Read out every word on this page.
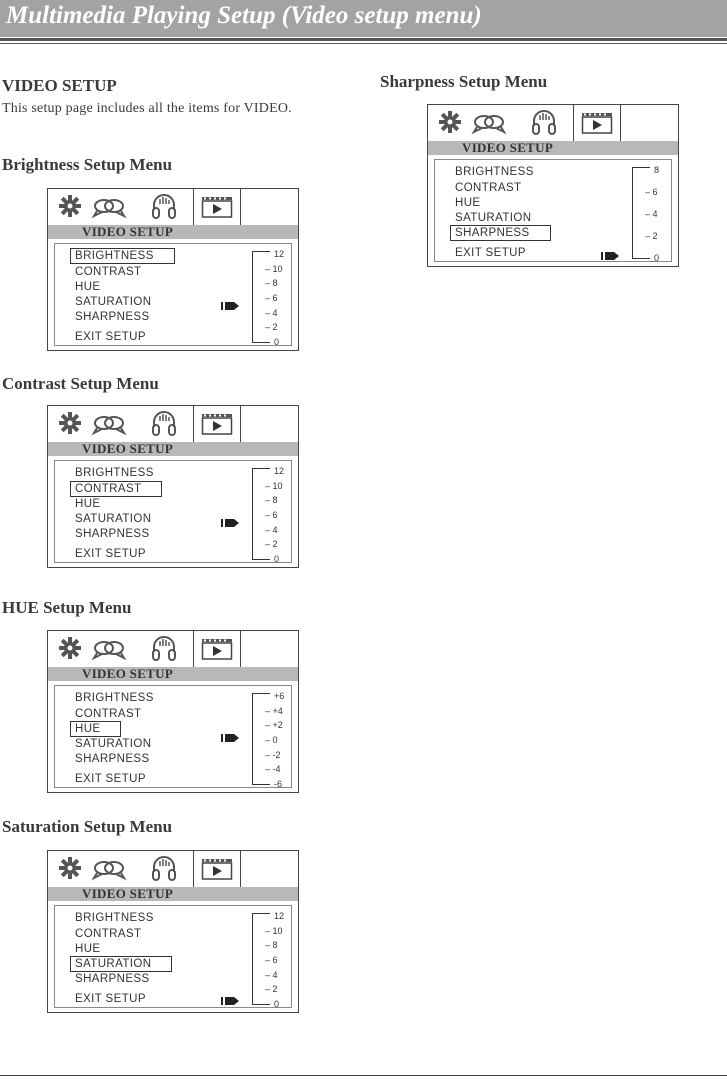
Multimedia Playing Setup (Video setup menu)
VIDEO SETUP
This setup page includes all the items for VIDEO.
Brightness Setup Menu
Contrast Setup Menu
HUE Setup Menu
Saturation Setup Menu
Sharpness Setup Menu
VIDEO SETUP
BRIGHTNESS
CONTRAST
HUE
SATURATION
SHARPNESS
EXIT SETUP
12
– 10
– 8
– 6
– 4
– 2
0
VIDEO SETUP
BRIGHTNESS
CONTRAST
HUE
SATURATION
SHARPNESS
EXIT SETUP
12
– 10
– 8
– 6
– 4
– 2
0
VIDEO SETUP
BRIGHTNESS
CONTRAST
HUE
SATURATION
SHARPNESS
EXIT SETUP
+6
– +4
– +2
– 0
– -2
– -4
-6
VIDEO SETUP
BRIGHTNESS
CONTRAST
HUE
SATURATION
SHARPNESS
EXIT SETUP
12
– 10
– 8
– 6
– 4
– 2
0
VIDEO SETUP
BRIGHTNESS
CONTRAST
HUE
SATURATION
SHARPNESS
EXIT SETUP
8
– 6
– 4
– 2
0
